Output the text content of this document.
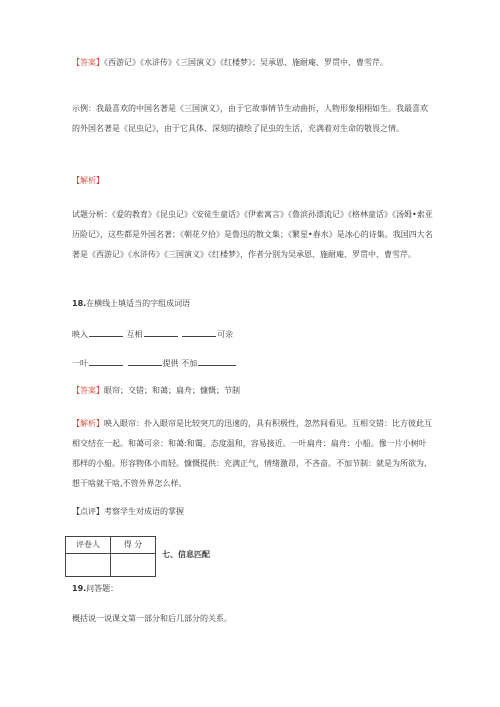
【答案】《西游记》《水浒传》《三国演义》《红楼梦》；吴承恩、施耐庵、罗贯中、曹雪芹。
示例：我最喜欢的中国名著是《三国演义》，由于它故事情节生动曲折，人物形象栩栩如生。我最喜欢的外国名著是《昆虫记》，由于它具体、深刻的描绘了昆虫的生活，充满着对生命的敬畏之情。
【解析】
试题分析：《爱的教育》《昆虫记》《安徒生童话》《伊索寓言》《鲁滨孙漂流记》《格林童话》《汤姆•索亚历险记》，这些都是外国名著；《朝花夕拾》是鲁迅的散文集；《繁星•春水》是冰心的诗集。我国四大名著是《西游记》《水浒传》《三国演义》《红楼梦》，作者分别为吴承恩、施耐庵、罗贯中、曹雪芹。
18.在横线上填适当的字组成词语
映入	互相	可亲
一叶	提供 不加
【答案】眼帘；交错；和蔼；扁舟；慷慨；节制
【解析】映入眼帘：扑入眼帘是比较突兀的迅速的，具有积极性，忽然间看见。互相交错：比方彼此互相交结在一起。和蔼可亲：和蔼:和霭。态度温和，容易接近。一叶扁舟：扁舟：小船。像一片小树叶那样的小船。形容物体小而轻。慷慨提供：充满正气，情绪激昂，不吝啬。不加节制：就是为所欲为,想干啥就干啥,不管外界怎么样。
【点评】考察学生对成语的掌握
评卷人	得 分

七、信息匹配
19.问答题：
概括说一说课文第一部分和后几部分的关系。
